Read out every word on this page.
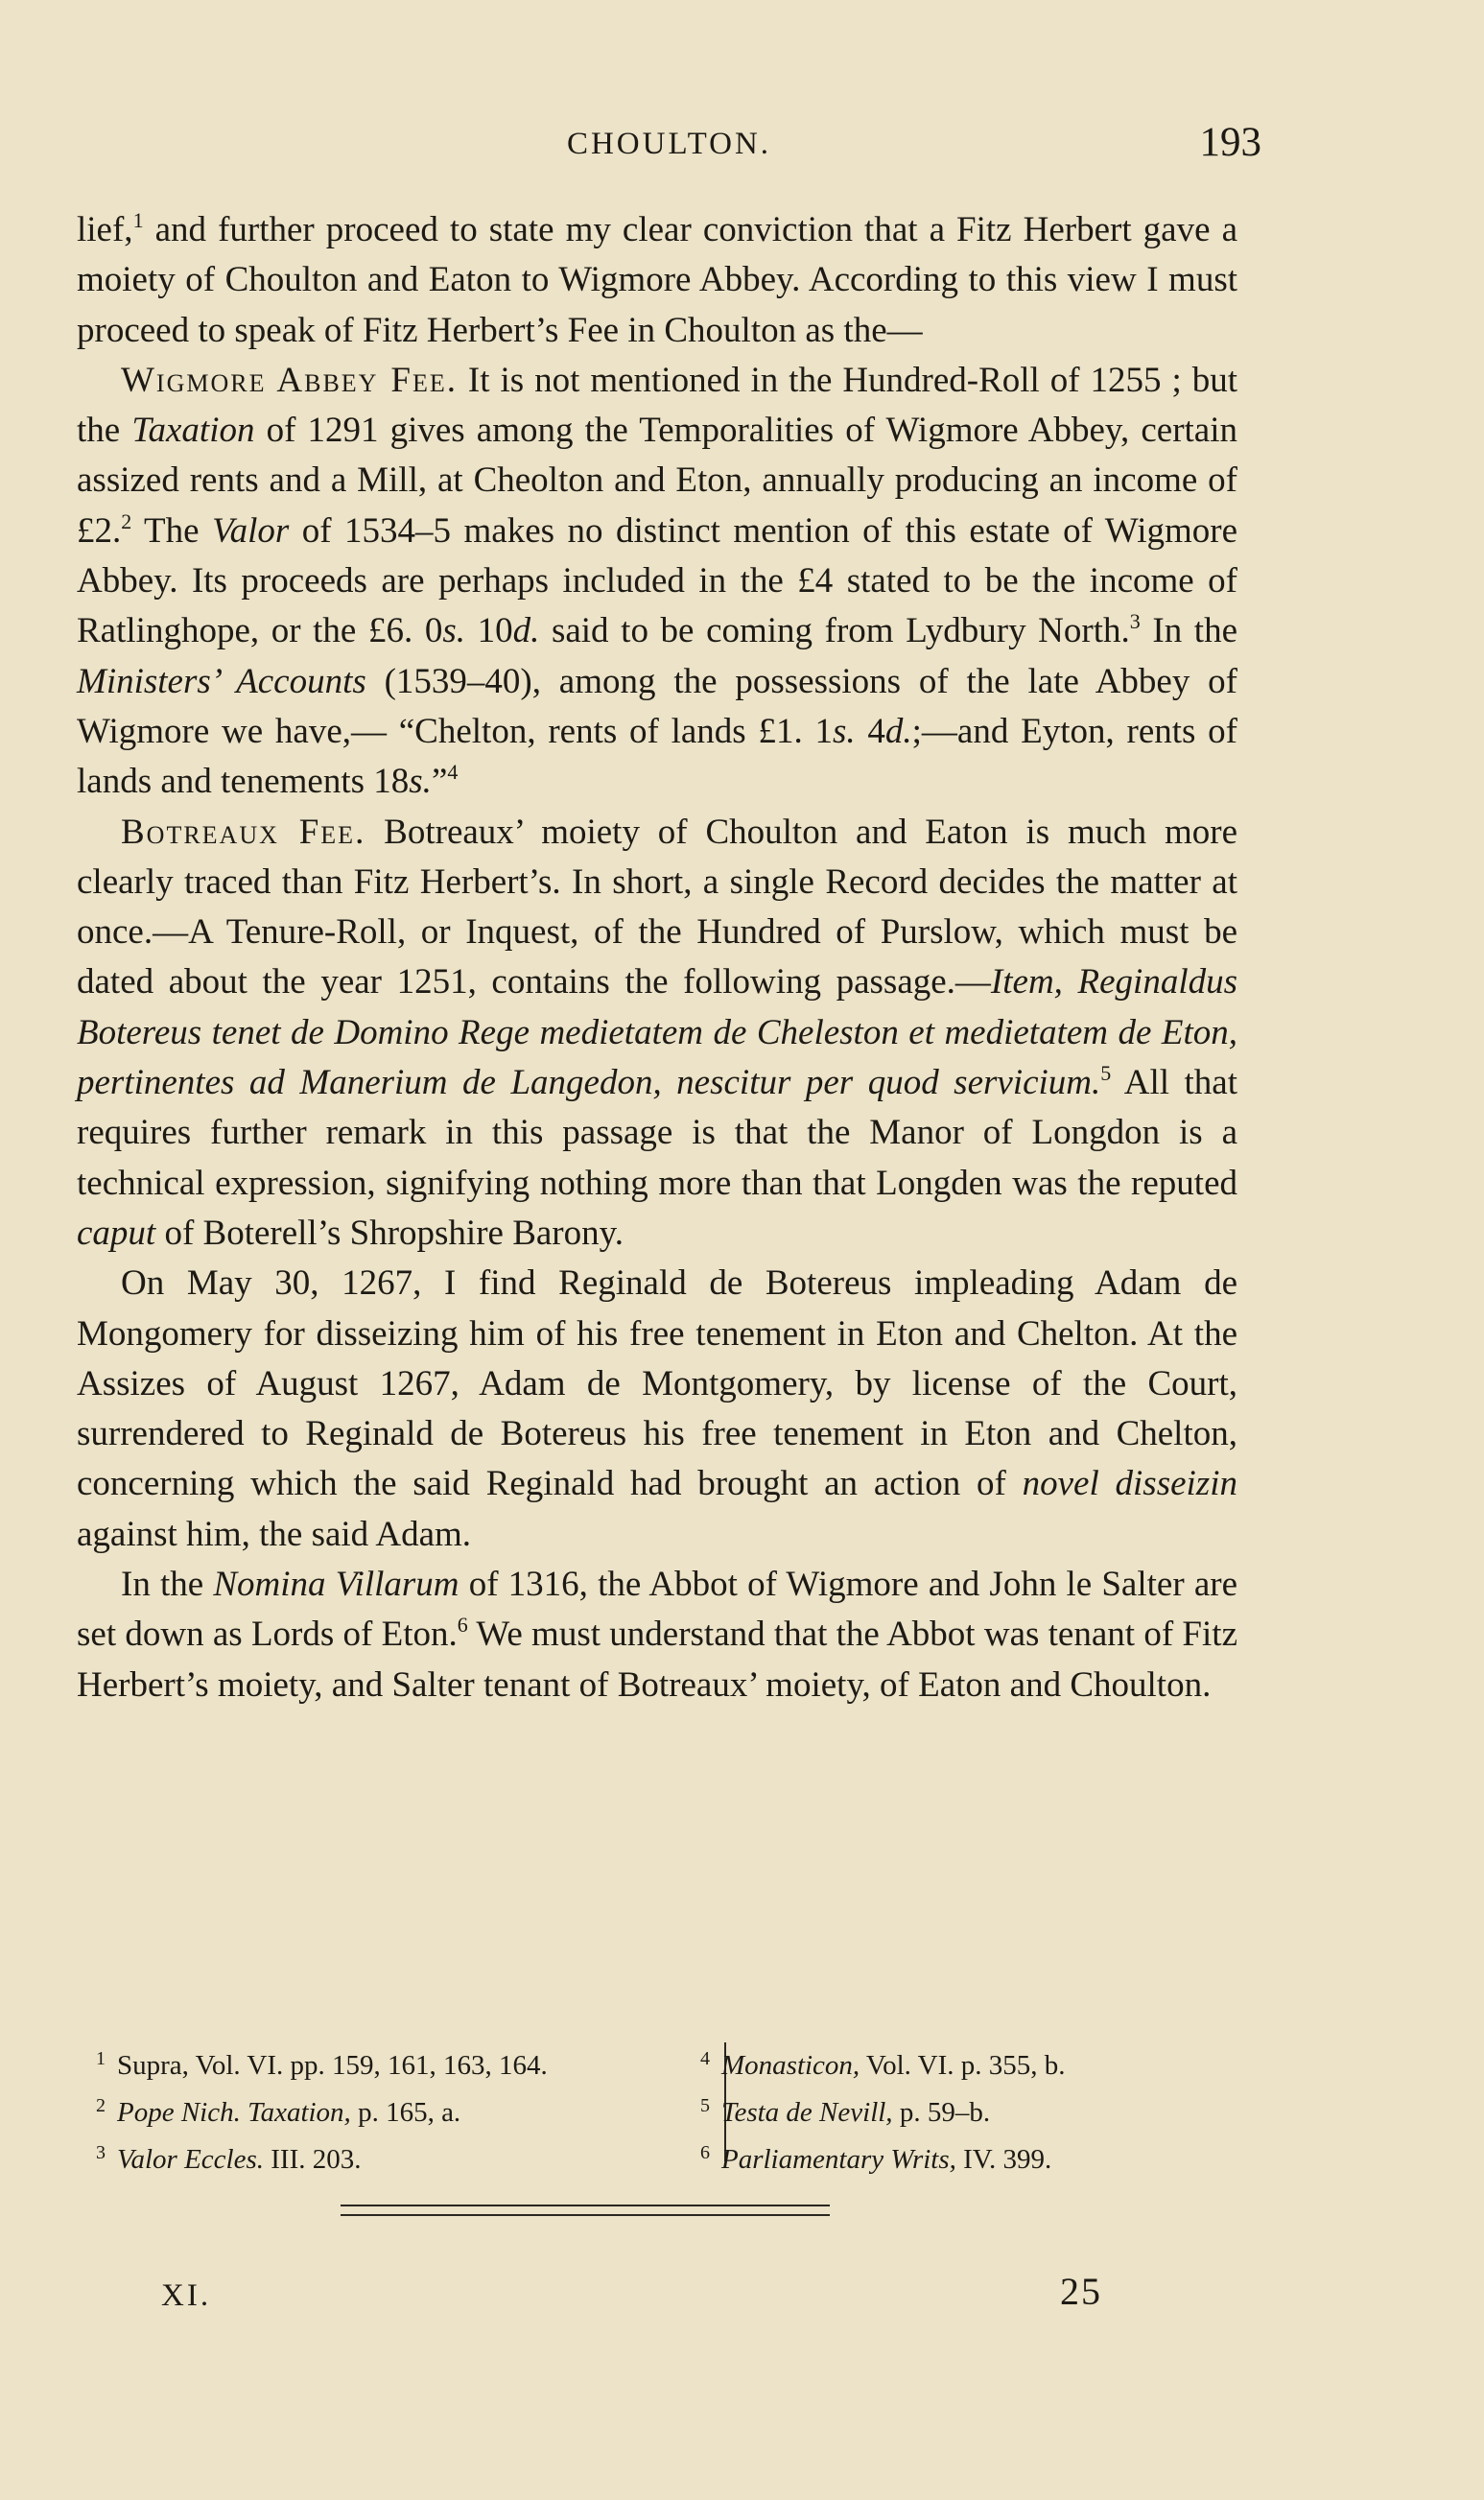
CHOULTON.	193

lief,$^1$ and further proceed to state my clear conviction that a Fitz Herbert gave a moiety of Choulton and Eaton to Wigmore Abbey. According to this view I must proceed to speak of Fitz Herbert’s Fee in Choulton as the—

Wigmore Abbey Fee. It is not mentioned in the Hundred-Roll of 1255 ; but the Taxation of 1291 gives among the Temporalities of Wigmore Abbey, certain assized rents and a Mill, at Cheolton and Eton, annually producing an income of £2.$^2$ The Valor of 1534–5 makes no distinct mention of this estate of Wigmore Abbey. Its proceeds are perhaps included in the £4 stated to be the income of Ratlinghope, or the £6. 0s. 10d. said to be coming from Lydbury North.$^3$ In the Ministers’ Accounts (1539–40), among the possessions of the late Abbey of Wigmore we have,— “Chelton, rents of lands £1. 1s. 4d.;—and Eyton, rents of lands and tenements 18s.”$^4$

Botreaux Fee. Botreaux’ moiety of Choulton and Eaton is much more clearly traced than Fitz Herbert’s. In short, a single Record decides the matter at once.—A Tenure-Roll, or Inquest, of the Hundred of Purslow, which must be dated about the year 1251, contains the following passage.—Item, Reginaldus Botereus tenet de Domino Rege medietatem de Cheleston et medietatem de Eton, pertinentes ad Manerium de Langedon, nescitur per quod servicium.$^5$ All that requires further remark in this passage is that the Manor of Longdon is a technical expression, signifying nothing more than that Longden was the reputed caput of Boterell’s Shropshire Barony.

On May 30, 1267, I find Reginald de Botereus impleading Adam de Mongomery for disseizing him of his free tenement in Eton and Chelton. At the Assizes of August 1267, Adam de Montgomery, by license of the Court, surrendered to Reginald de Botereus his free tenement in Eton and Chelton, concerning which the said Reginald had brought an action of novel disseizin against him, the said Adam.

In the Nomina Villarum of 1316, the Abbot of Wigmore and John le Salter are set down as Lords of Eton.$^6$ We must understand that the Abbot was tenant of Fitz Herbert’s moiety, and Salter tenant of Botreaux’ moiety, of Eaton and Choulton.

$^1$ Supra, Vol. VI. pp. 159, 161, 163, 164.
$^2$ Pope Nich. Taxation, p. 165, a.
$^3$ Valor Eccles. III. 203.
$^4$ Monasticon, Vol. VI. p. 355, b.
$^5$ Testa de Nevill, p. 59–b.
$^6$ Parliamentary Writs, IV. 399.
XI.	25
